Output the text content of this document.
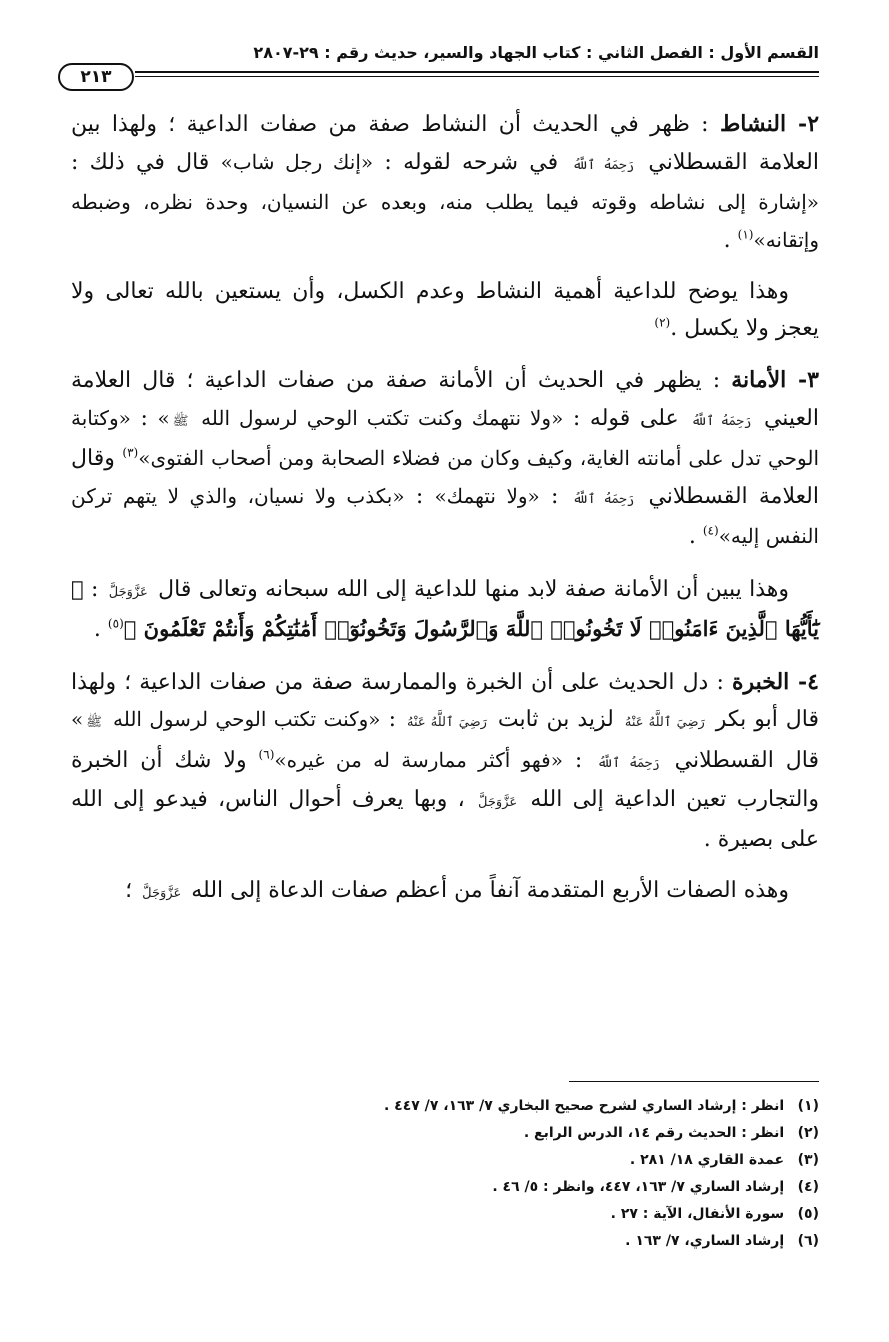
القسم الأول : الفصل الثاني : كتاب الجهاد والسير، حديث رقم : ٢٩-٢٨٠٧
٢١٣

٢- النشاط : ظهر في الحديث أن النشاط صفة من صفات الداعية ؛ ولهذا بين العلامة القسطلاني رَحِمَهُ ٱللَّهُ في شرحه لقوله : «إنك رجل شاب» قال في ذلك : «إشارة إلى نشاطه وقوته فيما يطلب منه، وبعده عن النسيان، وحدة نظره، وضبطه وإتقانه»$^{(١)}$ .

وهذا يوضح للداعية أهمية النشاط وعدم الكسل، وأن يستعين بالله تعالى ولا يعجز ولا يكسل .$^{(٢)}$

٣- الأمانة : يظهر في الحديث أن الأمانة صفة من صفات الداعية ؛ قال العلامة العيني رَحِمَهُ ٱللَّهُ على قوله : «ولا نتهمك وكنت تكتب الوحي لرسول الله ﷺ» : «وكتابة الوحي تدل على أمانته الغاية، وكيف وكان من فضلاء الصحابة ومن أصحاب الفتوى»$^{(٣)}$ وقال العلامة القسطلاني رَحِمَهُ ٱللَّهُ : «ولا نتهمك» : «بكذب ولا نسيان، والذي لا يتهم تركن النفس إليه»$^{(٤)}$ .

وهذا يبين أن الأمانة صفة لابد منها للداعية إلى الله سبحانه وتعالى قال عَزَّوَجَلَّ : ﴿ يَٰٓأَيُّهَا ٱلَّذِينَ ءَامَنُوا۟ لَا تَخُونُوا۟ ٱللَّهَ وَٱلرَّسُولَ وَتَخُونُوٓا۟ أَمَٰنَٰتِكُمْ وَأَنتُمْ تَعْلَمُونَ ﴾$^{(٥)}$ .

٤- الخبرة : دل الحديث على أن الخبرة والممارسة صفة من صفات الداعية ؛ ولهذا قال أبو بكر رَضِيَ ٱللَّهُ عَنْهُ لزيد بن ثابت رَضِيَ ٱللَّهُ عَنْهُ : «وكنت تكتب الوحي لرسول الله ﷺ» قال القسطلاني رَحِمَهُ ٱللَّهُ : «فهو أكثر ممارسة له من غيره»$^{(٦)}$ ولا شك أن الخبرة والتجارب تعين الداعية إلى الله عَزَّوَجَلَّ ، وبها يعرف أحوال الناس، فيدعو إلى الله على بصيرة .

وهذه الصفات الأربع المتقدمة آنفاً من أعظم صفات الدعاة إلى الله عَزَّوَجَلَّ ؛

(١) انظر : إرشاد الساري لشرح صحيح البخاري ٧/ ١٦٣، ٧/ ٤٤٧ .
(٢) انظر : الحديث رقم ١٤، الدرس الرابع .
(٣) عمدة القاري ١٨/ ٢٨١ .
(٤) إرشاد الساري ٧/ ١٦٣، ٤٤٧، وانظر : ٥/ ٤٦ .
(٥) سورة الأنفال، الآية : ٢٧ .
(٦) إرشاد الساري، ٧/ ١٦٣ .
